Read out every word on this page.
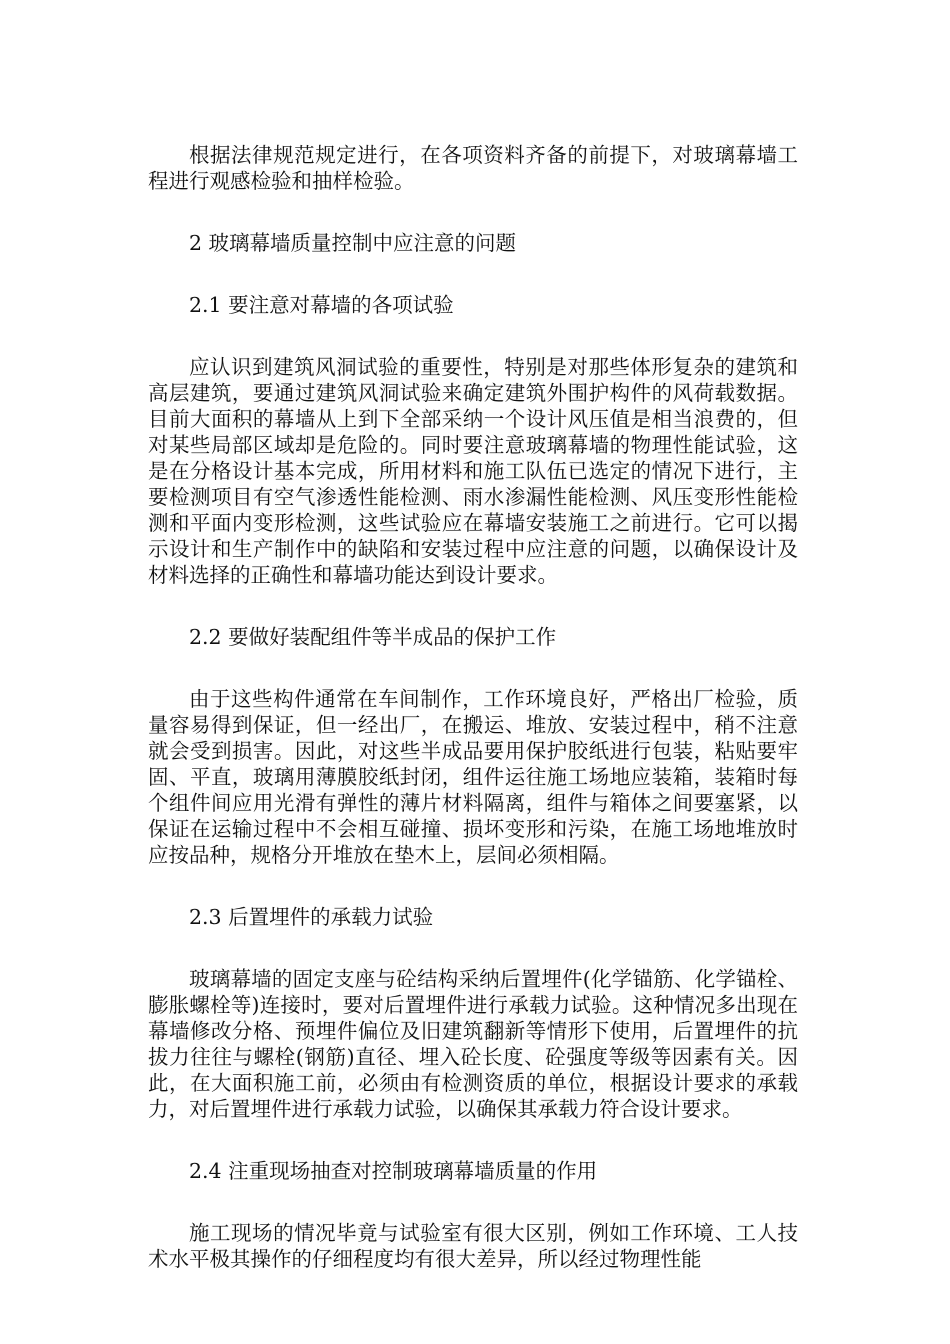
根据法律规范规定进行，在各项资料齐备的前提下，对玻璃幕墙工程进行观感检验和抽样检验。

2 玻璃幕墙质量控制中应注意的问题

2.1 要注意对幕墙的各项试验

应认识到建筑风洞试验的重要性，特别是对那些体形复杂的建筑和高层建筑，要通过建筑风洞试验来确定建筑外围护构件的风荷载数据。目前大面积的幕墙从上到下全部采纳一个设计风压值是相当浪费的，但对某些局部区域却是危险的。同时要注意玻璃幕墙的物理性能试验，这是在分格设计基本完成，所用材料和施工队伍已选定的情况下进行，主要检测项目有空气渗透性能检测、雨水渗漏性能检测、风压变形性能检测和平面内变形检测，这些试验应在幕墙安装施工之前进行。它可以揭示设计和生产制作中的缺陷和安装过程中应注意的问题，以确保设计及材料选择的正确性和幕墙功能达到设计要求。

2.2 要做好装配组件等半成品的保护工作

由于这些构件通常在车间制作，工作环境良好，严格出厂检验，质量容易得到保证，但一经出厂，在搬运、堆放、安装过程中，稍不注意就会受到损害。因此，对这些半成品要用保护胶纸进行包装，粘贴要牢固、平直，玻璃用薄膜胶纸封闭，组件运往施工场地应装箱，装箱时每个组件间应用光滑有弹性的薄片材料隔离，组件与箱体之间要塞紧，以保证在运输过程中不会相互碰撞、损坏变形和污染，在施工场地堆放时应按品种，规格分开堆放在垫木上，层间必须相隔。

2.3 后置埋件的承载力试验

玻璃幕墙的固定支座与砼结构采纳后置埋件(化学锚筋、化学锚栓、膨胀螺栓等)连接时，要对后置埋件进行承载力试验。这种情况多出现在幕墙修改分格、预埋件偏位及旧建筑翻新等情形下使用，后置埋件的抗拔力往往与螺栓(钢筋)直径、埋入砼长度、砼强度等级等因素有关。因此，在大面积施工前，必须由有检测资质的单位，根据设计要求的承载力，对后置埋件进行承载力试验，以确保其承载力符合设计要求。

2.4 注重现场抽查对控制玻璃幕墙质量的作用

施工现场的情况毕竟与试验室有很大区别，例如工作环境、工人技术水平极其操作的仔细程度均有很大差异，所以经过物理性能
